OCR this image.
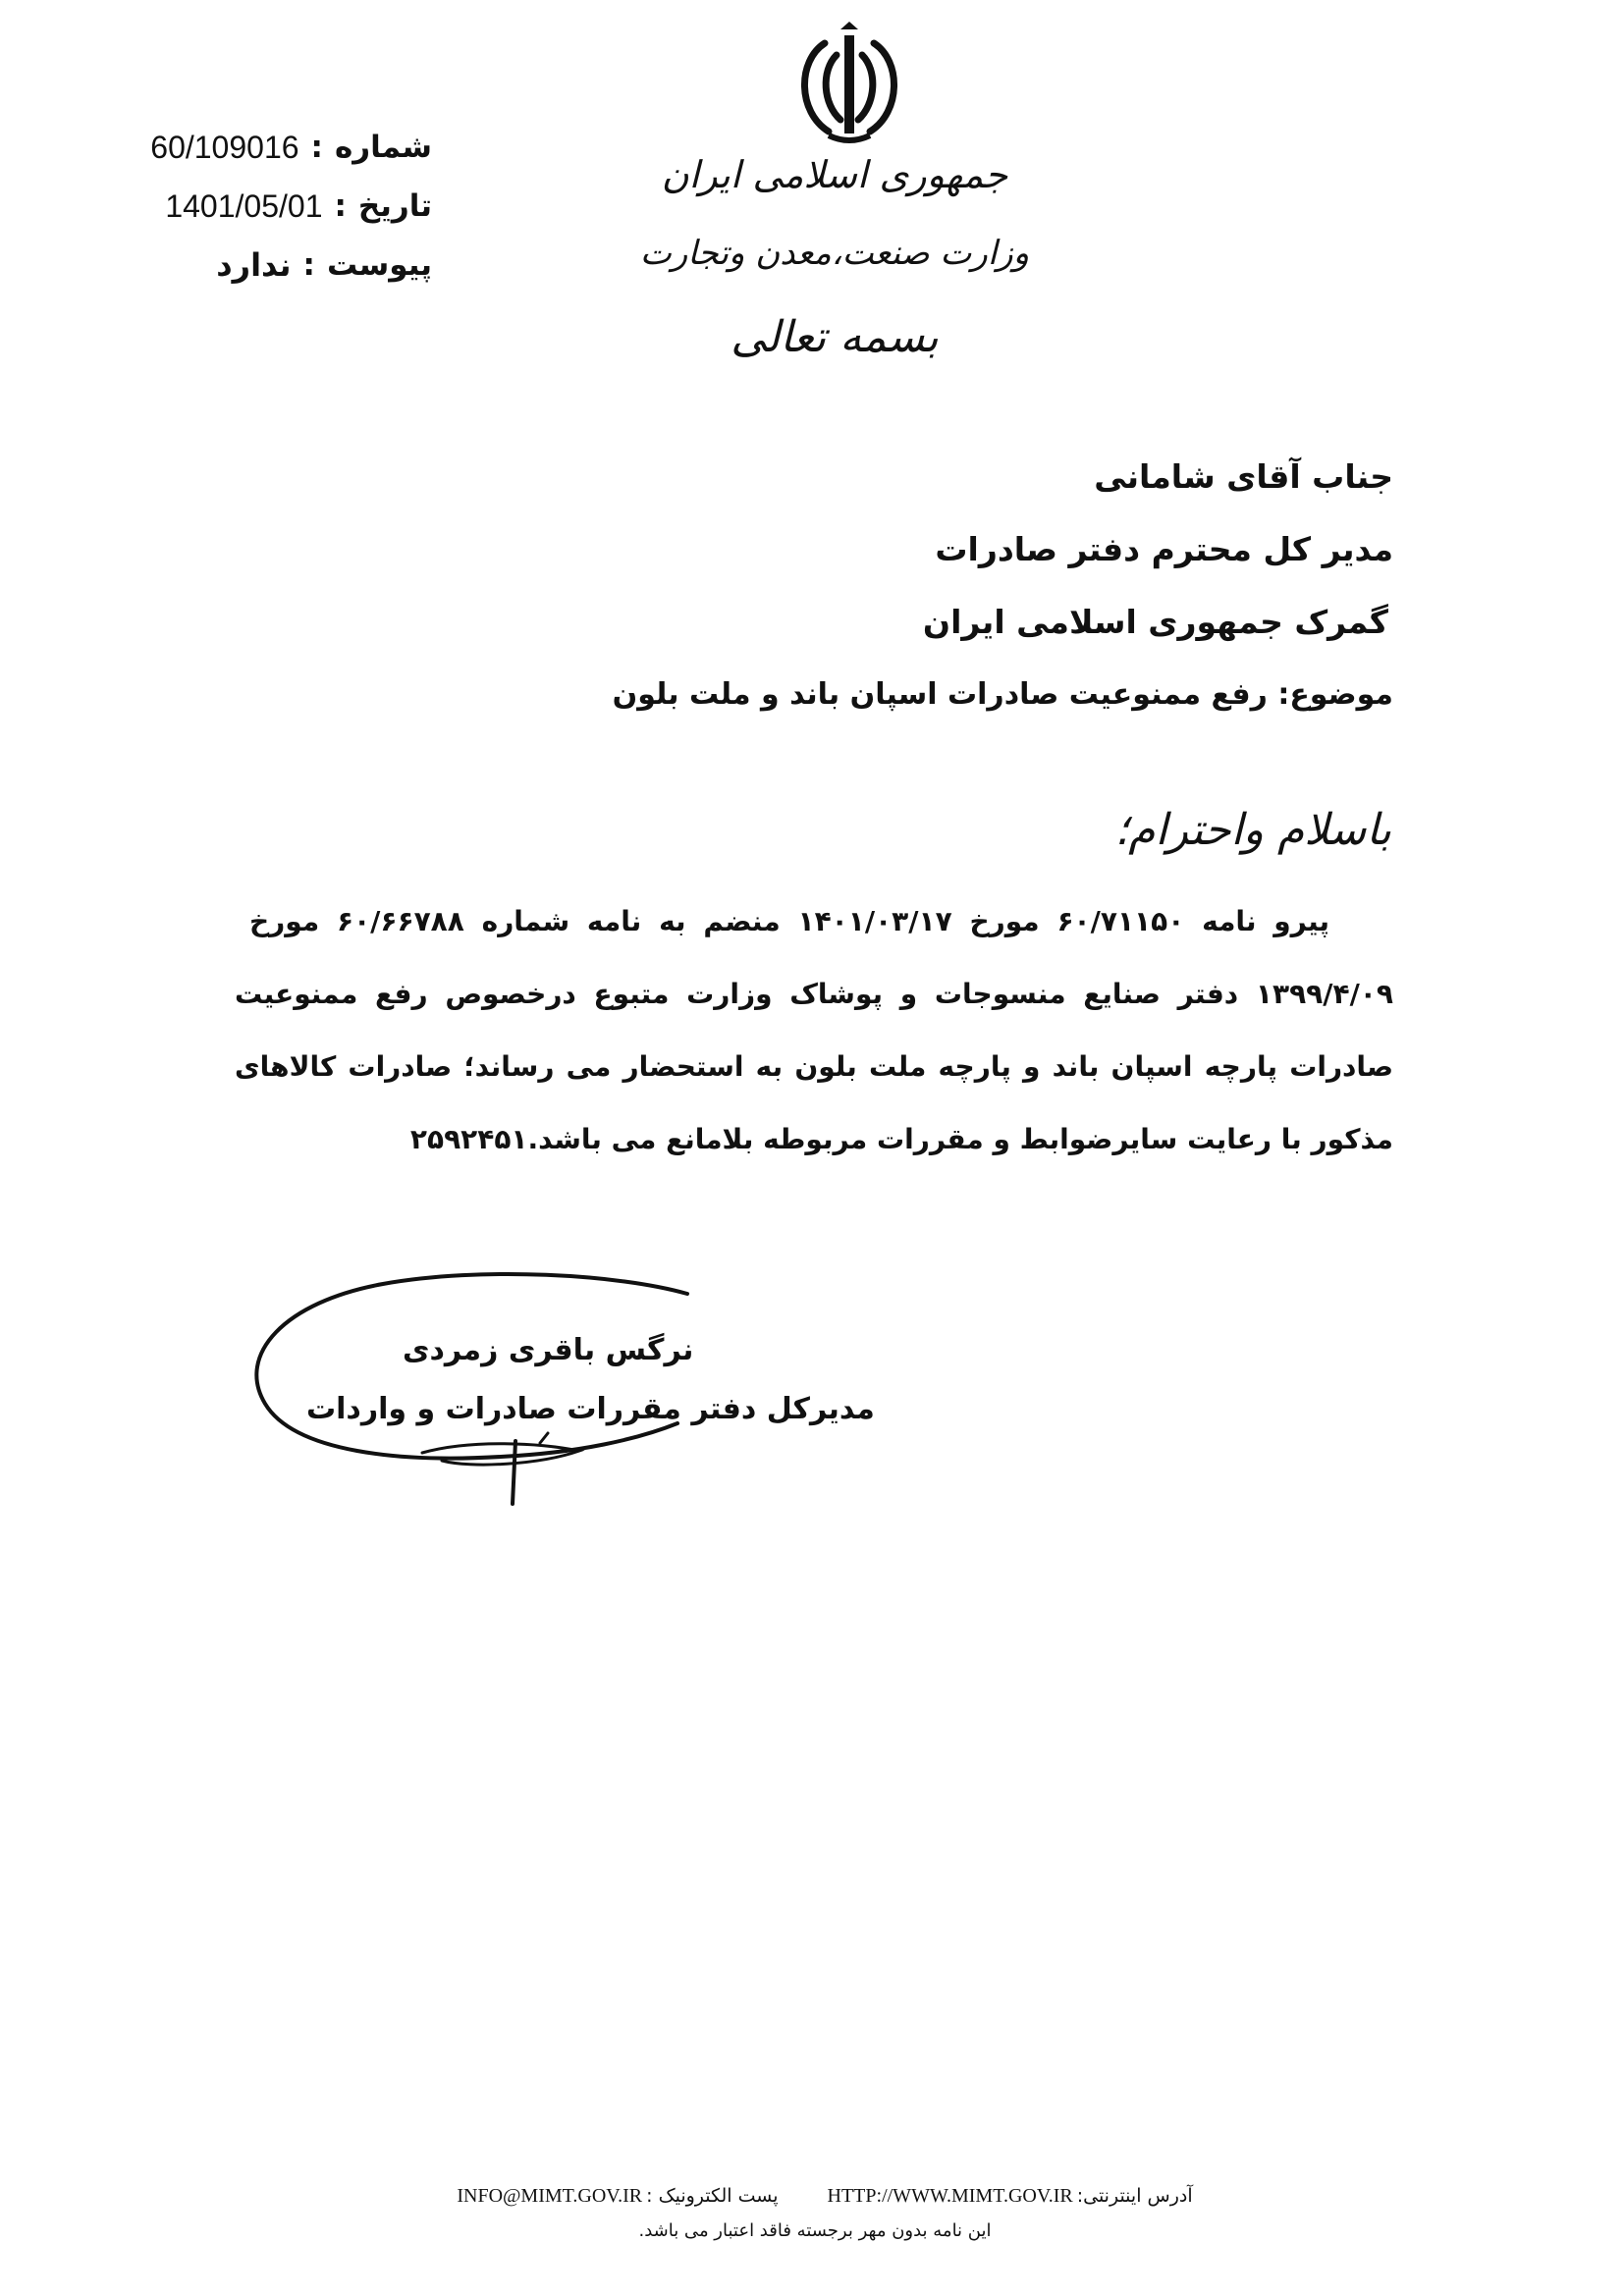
شماره
:
60/109016
تاریخ
:
1401/05/01
پیوست
:
ندارد
جمهوری اسلامی ایران
وزارت صنعت،معدن وتجارت
بسمه تعالی
جناب آقای شامانی
مدیر کل محترم دفتر صادرات
گمرک جمهوری اسلامی ایران
موضوع: رفع ممنوعیت صادرات اسپان باند و ملت بلون
باسلام واحترام؛
پیرو نامه ۶۰/۷۱۱۵۰ مورخ ۱۴۰۱/۰۳/۱۷ منضم به نامه شماره ۶۰/۶۶۷۸۸ مورخ
۱۳۹۹/۴/۰۹ دفتر صنایع منسوجات و پوشاک وزارت متبوع درخصوص رفع ممنوعیت
صادرات پارچه اسپان باند و پارچه ملت بلون به استحضار می رساند؛ صادرات کالاهای
مذکور با رعایت سایرضوابط و مقررات مربوطه بلامانع می باشد.۲۵۹۲۴۵۱
نرگس باقری زمردی
مدیرکل دفتر مقررات صادرات و واردات
آدرس اینترنتی:
HTTP://WWW.MIMT.GOV.IR
پست الکترونیک :
INFO@MIMT.GOV.IR
این نامه بدون مهر برجسته فاقد اعتبار می باشد.
